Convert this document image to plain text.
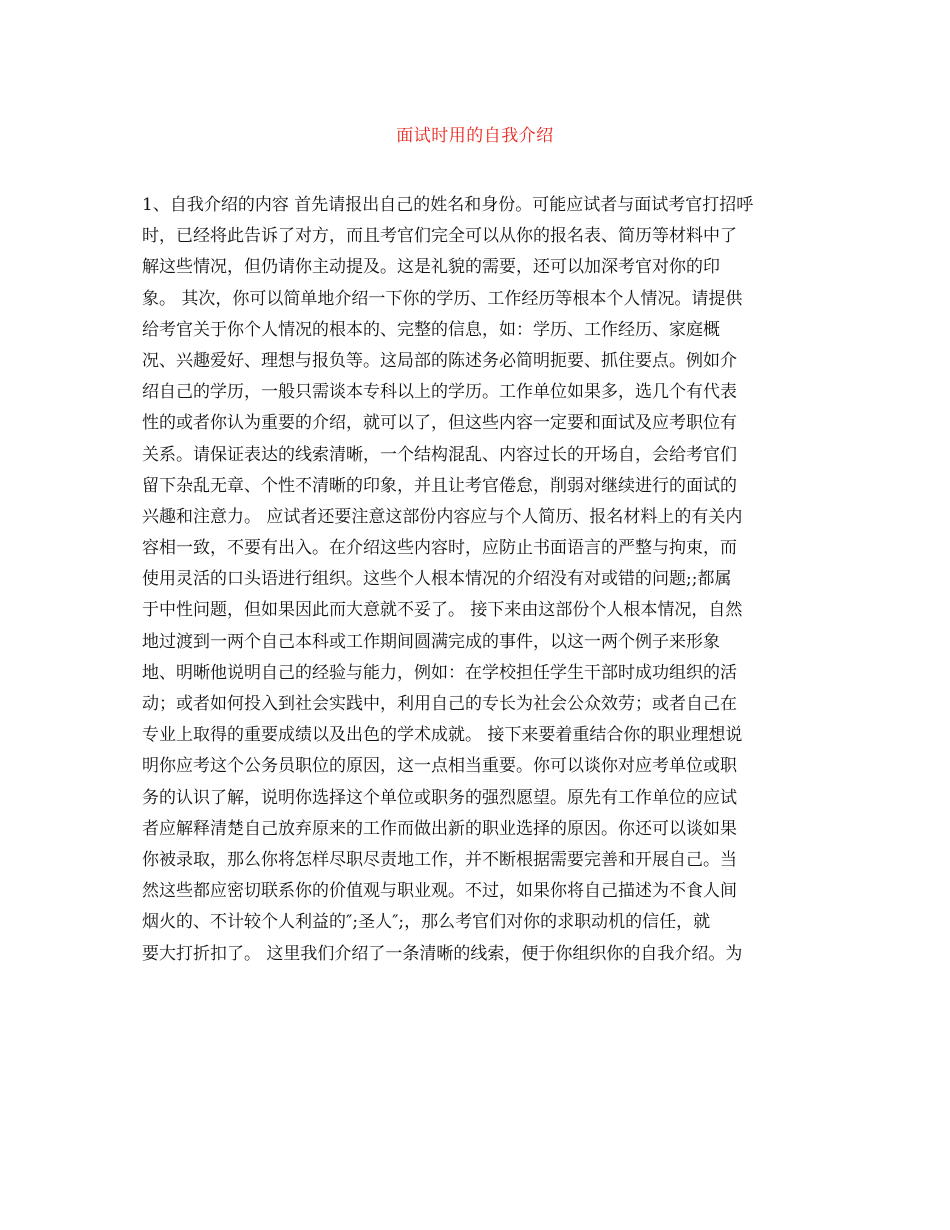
面试时用的自我介绍
1、自我介绍的内容 首先请报出自己的姓名和身份。可能应试者与面试考官打招呼
时，已经将此告诉了对方，而且考官们完全可以从你的报名表、简历等材料中了
解这些情况，但仍请你主动提及。这是礼貌的需要，还可以加深考官对你的印
象。 其次，你可以简单地介绍一下你的学历、工作经历等根本个人情况。请提供
给考官关于你个人情况的根本的、完整的信息，如：学历、工作经历、家庭概
况、兴趣爱好、理想与报负等。这局部的陈述务必简明扼要、抓住要点。例如介
绍自己的学历，一般只需谈本专科以上的学历。工作单位如果多，选几个有代表
性的或者你认为重要的介绍，就可以了，但这些内容一定要和面试及应考职位有
关系。请保证表达的线索清晰，一个结构混乱、内容过长的开场自，会给考官们
留下杂乱无章、个性不清晰的印象，并且让考官倦怠，削弱对继续进行的面试的
兴趣和注意力。 应试者还要注意这部份内容应与个人简历、报名材料上的有关内
容相一致，不要有出入。在介绍这些内容时，应防止书面语言的严整与拘束，而
使用灵活的口头语进行组织。这些个人根本情况的介绍没有对或错的问题;;都属
于中性问题，但如果因此而大意就不妥了。 接下来由这部份个人根本情况，自然
地过渡到一两个自己本科或工作期间圆满完成的事件，以这一两个例子来形象
地、明晰他说明自己的经验与能力，例如：在学校担任学生干部时成功组织的活
动；或者如何投入到社会实践中，利用自己的专长为社会公众效劳；或者自己在
专业上取得的重要成绩以及出色的学术成就。 接下来要着重结合你的职业理想说
明你应考这个公务员职位的原因，这一点相当重要。你可以谈你对应考单位或职
务的认识了解，说明你选择这个单位或职务的强烈愿望。原先有工作单位的应试
者应解释清楚自己放弃原来的工作而做出新的职业选择的原因。你还可以谈如果
你被录取，那么你将怎样尽职尽责地工作，并不断根据需要完善和开展自己。当
然这些都应密切联系你的价值观与职业观。不过，如果你将自己描述为不食人间
烟火的、不计较个人利益的″;圣人″;，那么考官们对你的求职动机的信任，就
要大打折扣了。 这里我们介绍了一条清晰的线索，便于你组织你的自我介绍。为
